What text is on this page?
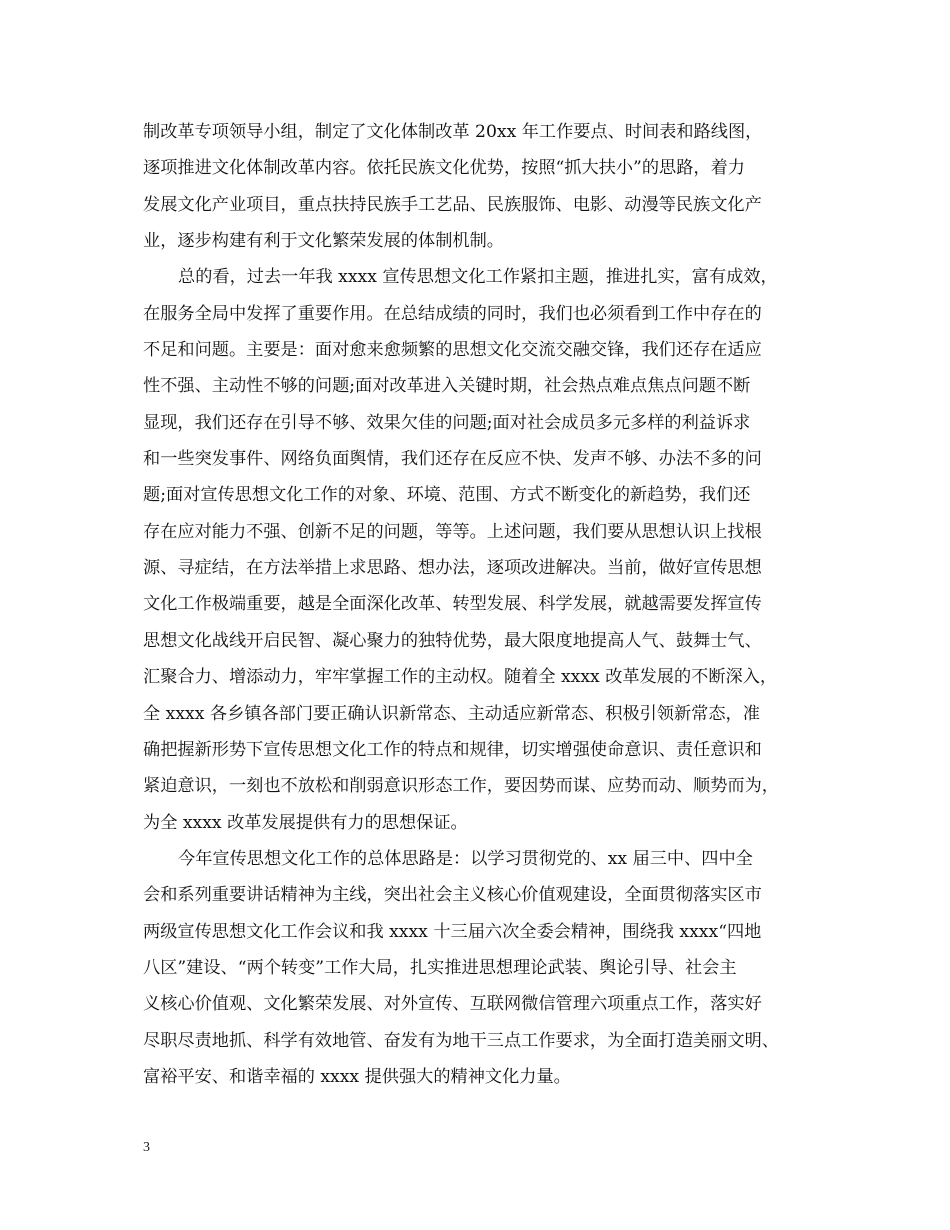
制改革专项领导小组，制定了文化体制改革 20xx 年工作要点、时间表和路线图，
逐项推进文化体制改革内容。依托民族文化优势，按照“抓大扶小”的思路，着力
发展文化产业项目，重点扶持民族手工艺品、民族服饰、电影、动漫等民族文化产
业，逐步构建有利于文化繁荣发展的体制机制。
总的看，过去一年我 xxxx 宣传思想文化工作紧扣主题，推进扎实，富有成效，
在服务全局中发挥了重要作用。在总结成绩的同时，我们也必须看到工作中存在的
不足和问题。主要是：面对愈来愈频繁的思想文化交流交融交锋，我们还存在适应
性不强、主动性不够的问题;面对改革进入关键时期，社会热点难点焦点问题不断
显现，我们还存在引导不够、效果欠佳的问题;面对社会成员多元多样的利益诉求
和一些突发事件、网络负面舆情，我们还存在反应不快、发声不够、办法不多的问
题;面对宣传思想文化工作的对象、环境、范围、方式不断变化的新趋势，我们还
存在应对能力不强、创新不足的问题，等等。上述问题，我们要从思想认识上找根
源、寻症结，在方法举措上求思路、想办法，逐项改进解决。当前，做好宣传思想
文化工作极端重要，越是全面深化改革、转型发展、科学发展，就越需要发挥宣传
思想文化战线开启民智、凝心聚力的独特优势，最大限度地提高人气、鼓舞士气、
汇聚合力、增添动力，牢牢掌握工作的主动权。随着全 xxxx 改革发展的不断深入，
全 xxxx 各乡镇各部门要正确认识新常态、主动适应新常态、积极引领新常态，准
确把握新形势下宣传思想文化工作的特点和规律，切实增强使命意识、责任意识和
紧迫意识，一刻也不放松和削弱意识形态工作，要因势而谋、应势而动、顺势而为，
为全 xxxx 改革发展提供有力的思想保证。
今年宣传思想文化工作的总体思路是：以学习贯彻党的、xx 届三中、四中全
会和系列重要讲话精神为主线，突出社会主义核心价值观建设，全面贯彻落实区市
两级宣传思想文化工作会议和我 xxxx 十三届六次全委会精神，围绕我 xxxx“四地
八区”建设、“两个转变”工作大局，扎实推进思想理论武装、舆论引导、社会主
义核心价值观、文化繁荣发展、对外宣传、互联网微信管理六项重点工作，落实好
尽职尽责地抓、科学有效地管、奋发有为地干三点工作要求，为全面打造美丽文明、
富裕平安、和谐幸福的 xxxx 提供强大的精神文化力量。
3
